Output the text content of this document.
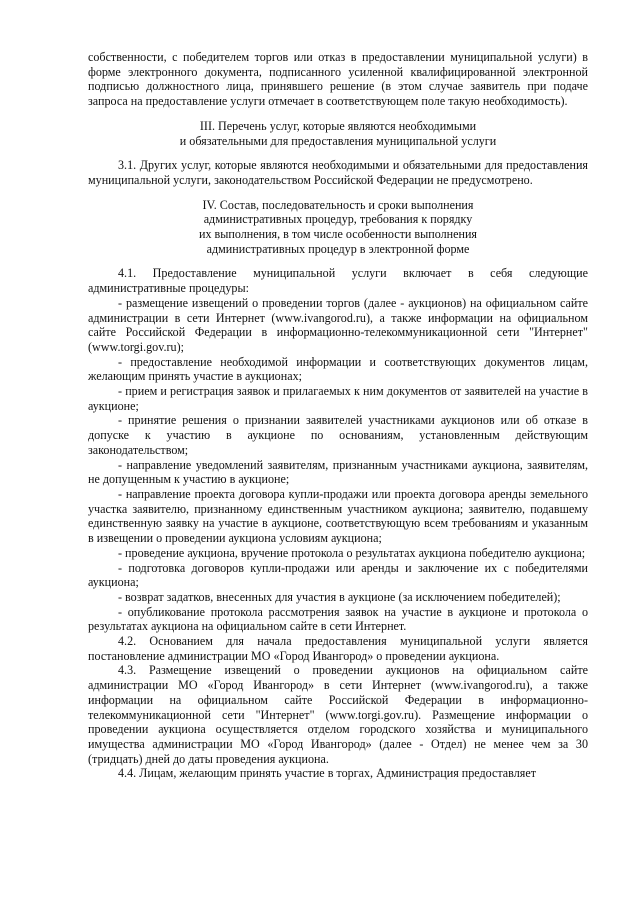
собственности, с победителем торгов или отказ в предоставлении муниципальной услуги) в форме электронного документа, подписанного усиленной квалифицированной электронной подписью должностного лица, принявшего решение (в этом случае заявитель при подаче запроса на предоставление услуги отмечает в соответствующем поле такую необходимость).

III. Перечень услуг, которые являются необходимыми
и обязательными для предоставления муниципальной услуги

3.1. Других услуг, которые являются необходимыми и обязательными для предоставления муниципальной услуги, законодательством Российской Федерации не предусмотрено.

IV. Состав, последовательность и сроки выполнения
административных процедур, требования к порядку
их выполнения, в том числе особенности выполнения
административных процедур в электронной форме

4.1. Предоставление муниципальной услуги включает в себя следующие административные процедуры:

- размещение извещений о проведении торгов (далее - аукционов) на официальном сайте администрации в сети Интернет (www.ivangorod.ru), а также информации на официальном сайте Российской Федерации в информационно-телекоммуникационной сети "Интернет" (www.torgi.gov.ru);

- предоставление необходимой информации и соответствующих документов лицам, желающим принять участие в аукционах;

- прием и регистрация заявок и прилагаемых к ним документов от заявителей на участие в аукционе;

- принятие решения о признании заявителей участниками аукционов или об отказе в допуске к участию в аукционе по основаниям, установленным действующим законодательством;

- направление уведомлений заявителям, признанным участниками аукциона, заявителям, не допущенным к участию в аукционе;

- направление проекта договора купли-продажи или проекта договора аренды земельного участка заявителю, признанному единственным участником аукциона; заявителю, подавшему единственную заявку на участие в аукционе, соответствующую всем требованиям и указанным в извещении о проведении аукциона условиям аукциона;

- проведение аукциона, вручение протокола о результатах аукциона победителю аукциона;

- подготовка договоров купли-продажи или аренды и заключение их с победителями аукциона;

- возврат задатков, внесенных для участия в аукционе (за исключением победителей);

- опубликование протокола рассмотрения заявок на участие в аукционе и протокола о результатах аукциона на официальном сайте в сети Интернет.

4.2. Основанием для начала предоставления муниципальной услуги является постановление администрации МО «Город Ивангород» о проведении аукциона.

4.3. Размещение извещений о проведении аукционов на официальном сайте администрации МО «Город Ивангород» в сети Интернет (www.ivangorod.ru), а также информации на официальном сайте Российской Федерации в информационно-телекоммуникационной сети "Интернет" (www.torgi.gov.ru). Размещение информации о проведении аукциона осуществляется отделом городского хозяйства и муниципального имущества администрации МО «Город Ивангород» (далее - Отдел) не менее чем за 30 (тридцать) дней до даты проведения аукциона.

4.4. Лицам, желающим принять участие в торгах, Администрация предоставляет
